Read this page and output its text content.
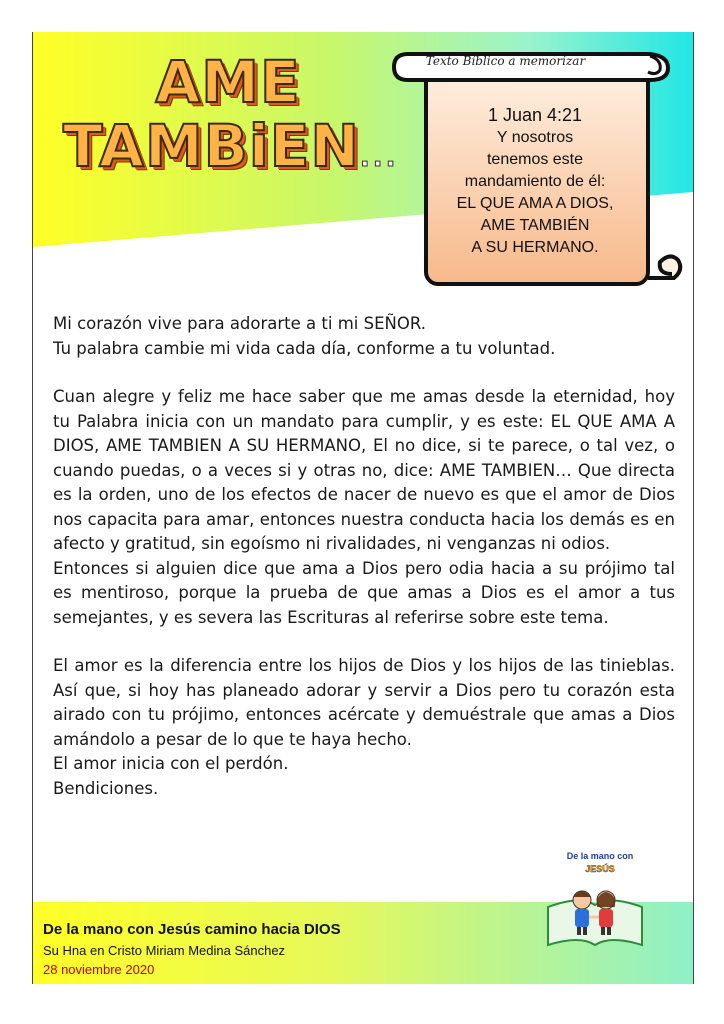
AME
TAMBiEN...
Texto Bíblico a memorizar
1 Juan 4:21
Y nosotros
tenemos este
mandamiento de él:
EL QUE AMA A DIOS,
AME TAMBIÉN
A SU HERMANO.

Mi corazón vive para adorarte a ti mi SEÑOR.

Tu palabra cambie mi vida cada día, conforme a tu voluntad.

Cuan alegre y feliz me hace saber que me amas desde la eternidad, hoy tu Palabra inicia con un mandato para cumplir, y es este: EL QUE AMA A DIOS, AME TAMBIEN A SU HERMANO, El no dice, si te parece, o tal vez, o cuando puedas, o a veces si y otras no, dice: AME TAMBIEN… Que directa es la orden, uno de los efectos de nacer de nuevo es que el amor de Dios nos capacita para amar, entonces nuestra conducta hacia los demás es en afecto y gratitud, sin egoísmo ni rivalidades, ni venganzas ni odios.

Entonces si alguien dice que ama a Dios pero odia hacia a su prójimo tal es mentiroso, porque la prueba de que amas a Dios es el amor a tus semejantes, y es severa las Escrituras al referirse sobre este tema.

El amor es la diferencia entre los hijos de Dios y los hijos de las tinieblas. Así que, si hoy has planeado adorar y servir a Dios pero tu corazón esta airado con tu prójimo, entonces acércate y demuéstrale que amas a Dios amándolo a pesar de lo que te haya hecho.

El amor inicia con el perdón.

Bendiciones.

De la mano con Jesús camino hacia DIOS
Su Hna en Cristo Miriam Medina Sánchez
28 noviembre 2020
De la mano con
JESÚS
